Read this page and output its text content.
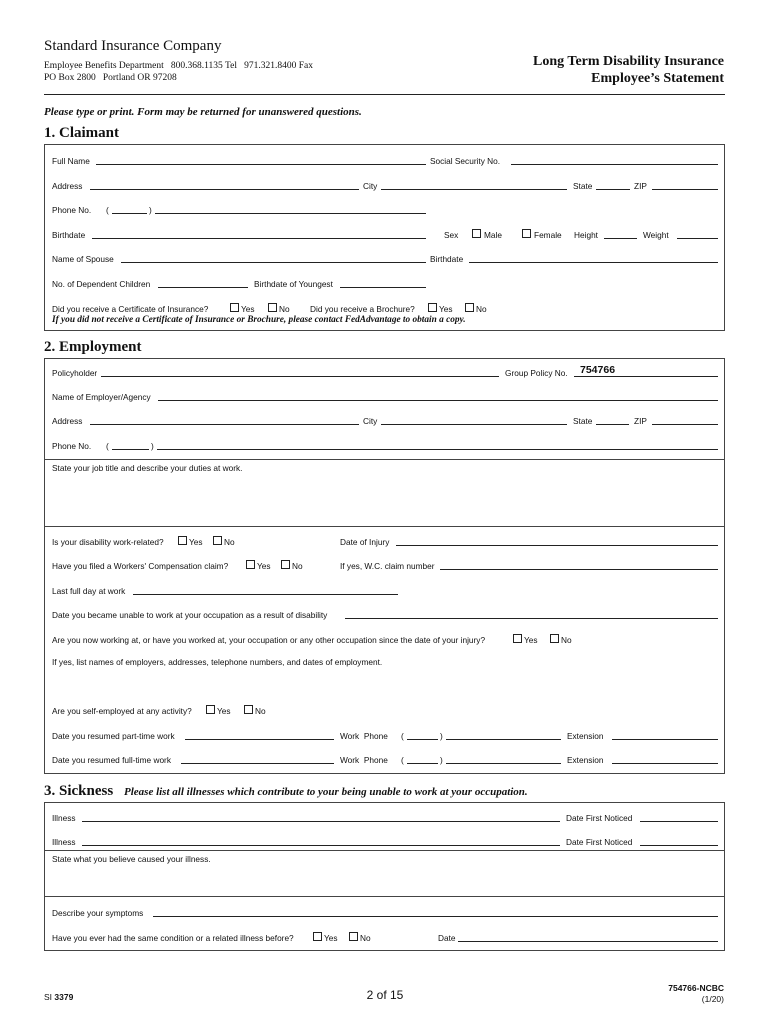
Standard Insurance Company
Employee Benefits Department   800.368.1135 Tel   971.321.8400 Fax
PO Box 2800   Portland OR 97208
Long Term Disability Insurance
Employee’s Statement
Please type or print. Form may be returned for unanswered questions.
1. Claimant
Full Name	Social Security No.
Address	City	State	ZIP
Phone No. (	)
Birthdate	Sex	Male	Female Height	Weight
Name of Spouse	Birthdate
No. of Dependent Children	Birthdate of Youngest
Did you receive a Certificate of Insurance?	Yes	No Did you receive a Brochure?	Yes	No
If you did not receive a Certificate of Insurance or Brochure, please contact FedAdvantage to obtain a copy.
2. Employment
Policyholder	Group Policy No. 754766
Name of Employer/Agency
Address	City	State	ZIP
Phone No. (	)
State your job title and describe your duties at work.
Is your disability work-related?	Yes	No	Date of Injury
Have you filed a Workers' Compensation claim?	Yes	No	If yes, W.C. claim number
Last full day at work
Date you became unable to work at your occupation as a result of disability
Are you now working at, or have you worked at, your occupation or any other occupation since the date of your injury?	Yes	No
If yes, list names of employers, addresses, telephone numbers, and dates of employment.
Are you self-employed at any activity?	Yes	No
Date you resumed part-time work	Work  Phone (	)	Extension
Date you resumed full-time work	Work  Phone (	)	Extension
3. Sickness Please list all illnesses which contribute to your being unable to work at your occupation.
Illness	Date First Noticed
Illness	Date First Noticed
State what you believe caused your illness.
Describe your symptoms
Have you ever had the same condition or a related illness before?	Yes	No	Date
SI 3379	2 of 15	754766-NCBC
(1/20)
